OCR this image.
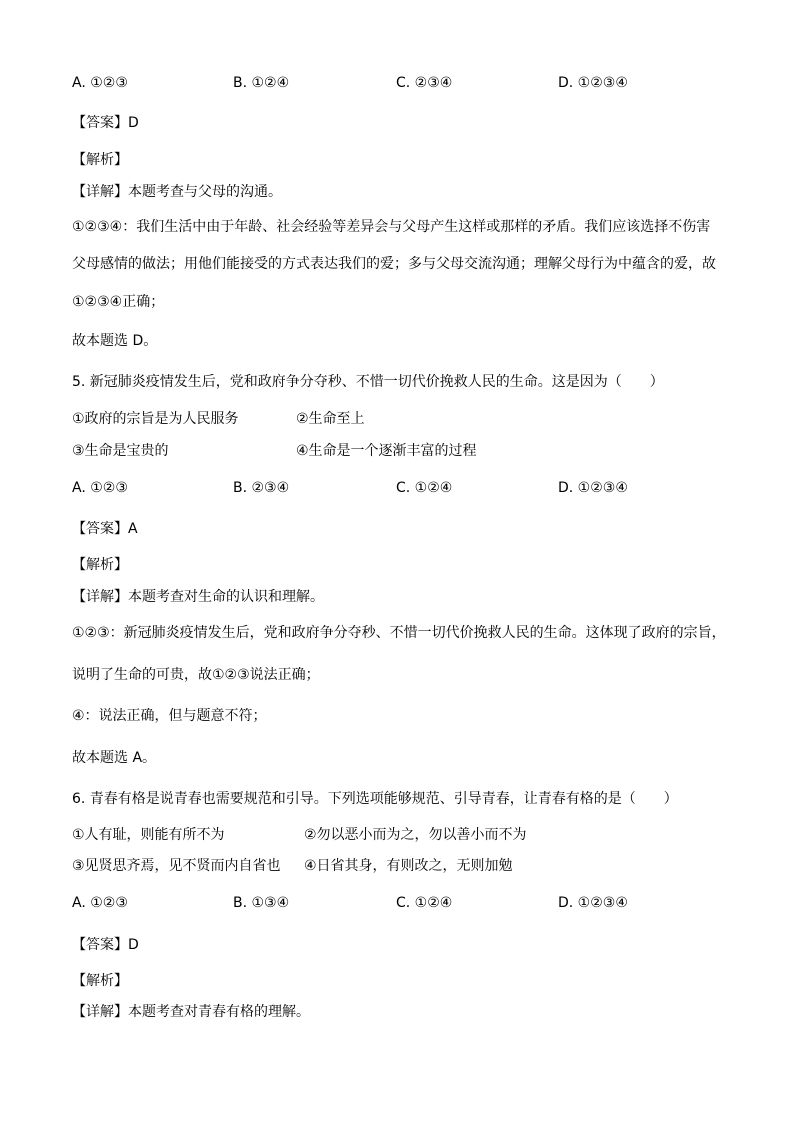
A. ①②③	B. ①②④	C. ②③④	D. ①②③④
【答案】D
【解析】
【详解】本题考查与父母的沟通。
①②③④：我们生活中由于年龄、社会经验等差异会与父母产生这样或那样的矛盾。我们应该选择不伤害
父母感情的做法；用他们能接受的方式表达我们的爱；多与父母交流沟通；理解父母行为中蕴含的爱，故
①②③④正确；
故本题选 D。
5. 新冠肺炎疫情发生后，党和政府争分夺秒、不惜一切代价挽救人民的生命。这是因为（　　）
①政府的宗旨是为人民服务	②生命至上
③生命是宝贵的	④生命是一个逐渐丰富的过程
A. ①②③	B. ②③④	C. ①②④	D. ①②③④
【答案】A
【解析】
【详解】本题考查对生命的认识和理解。
①②③：新冠肺炎疫情发生后，党和政府争分夺秒、不惜一切代价挽救人民的生命。这体现了政府的宗旨，
说明了生命的可贵，故①②③说法正确；
④：说法正确，但与题意不符；
故本题选 A。
6. 青春有格是说青春也需要规范和引导。下列选项能够规范、引导青春，让青春有格的是（　　）
①人有耻，则能有所不为	②勿以恶小而为之，勿以善小而不为
③见贤思齐焉，见不贤而内自省也 ④日省其身，有则改之，无则加勉
A. ①②③	B. ①③④	C. ①②④	D. ①②③④
【答案】D
【解析】
【详解】本题考查对青春有格的理解。
